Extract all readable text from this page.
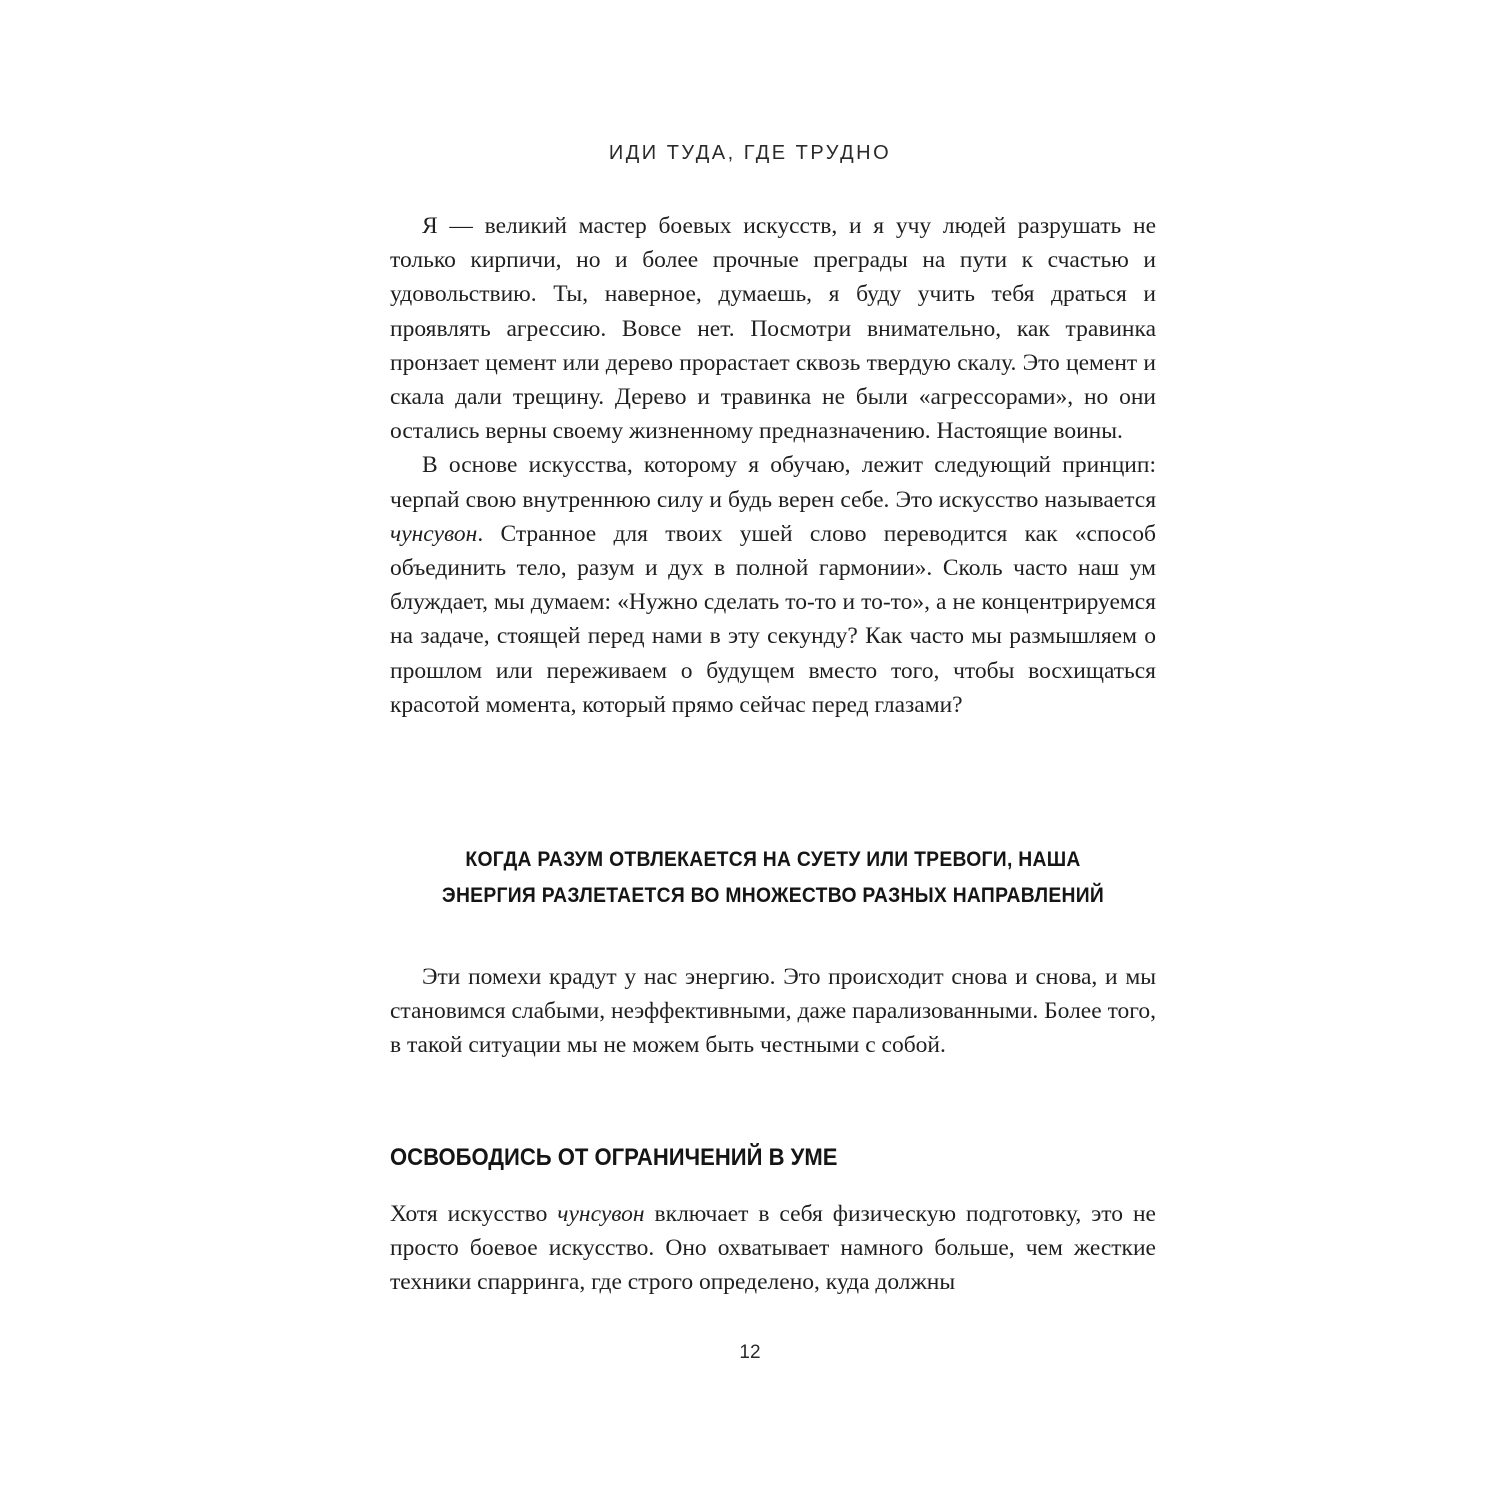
ИДИ ТУДА, ГДЕ ТРУДНО

Я — великий мастер боевых искусств, и я учу людей разрушать не только кирпичи, но и более прочные преграды на пути к счастью и удовольствию. Ты, наверное, думаешь, я буду учить тебя драться и проявлять агрессию. Вовсе нет. Посмотри внимательно, как травинка пронзает цемент или дерево прорастает сквозь твердую скалу. Это цемент и скала дали трещину. Дерево и травинка не были «агрессорами», но они остались верны своему жизненному предназначению. Настоящие воины.

В основе искусства, которому я обучаю, лежит следующий принцип: черпай свою внутреннюю силу и будь верен себе. Это искусство называется чунсувон. Странное для твоих ушей слово переводится как «способ объединить тело, разум и дух в полной гармонии». Сколь часто наш ум блуждает, мы думаем: «Нужно сделать то-то и то-то», а не концентрируемся на задаче, стоящей перед нами в эту секунду? Как часто мы размышляем о прошлом или переживаем о будущем вместо того, чтобы восхищаться красотой момента, который прямо сейчас перед глазами?

КОГДА РАЗУМ ОТВЛЕКАЕТСЯ НА СУЕТУ ИЛИ ТРЕВОГИ, НАША
ЭНЕРГИЯ РАЗЛЕТАЕТСЯ ВО МНОЖЕСТВО РАЗНЫХ НАПРАВЛЕНИЙ

Эти помехи крадут у нас энергию. Это происходит снова и снова, и мы становимся слабыми, неэффективными, даже парализованными. Более того, в такой ситуации мы не можем быть честными с собой.

ОСВОБОДИСЬ ОТ ОГРАНИЧЕНИЙ В УМЕ

Хотя искусство чунсувон включает в себя физическую подготовку, это не просто боевое искусство. Оно охватывает намного больше, чем жесткие техники спарринга, где строго определено, куда должны

12
